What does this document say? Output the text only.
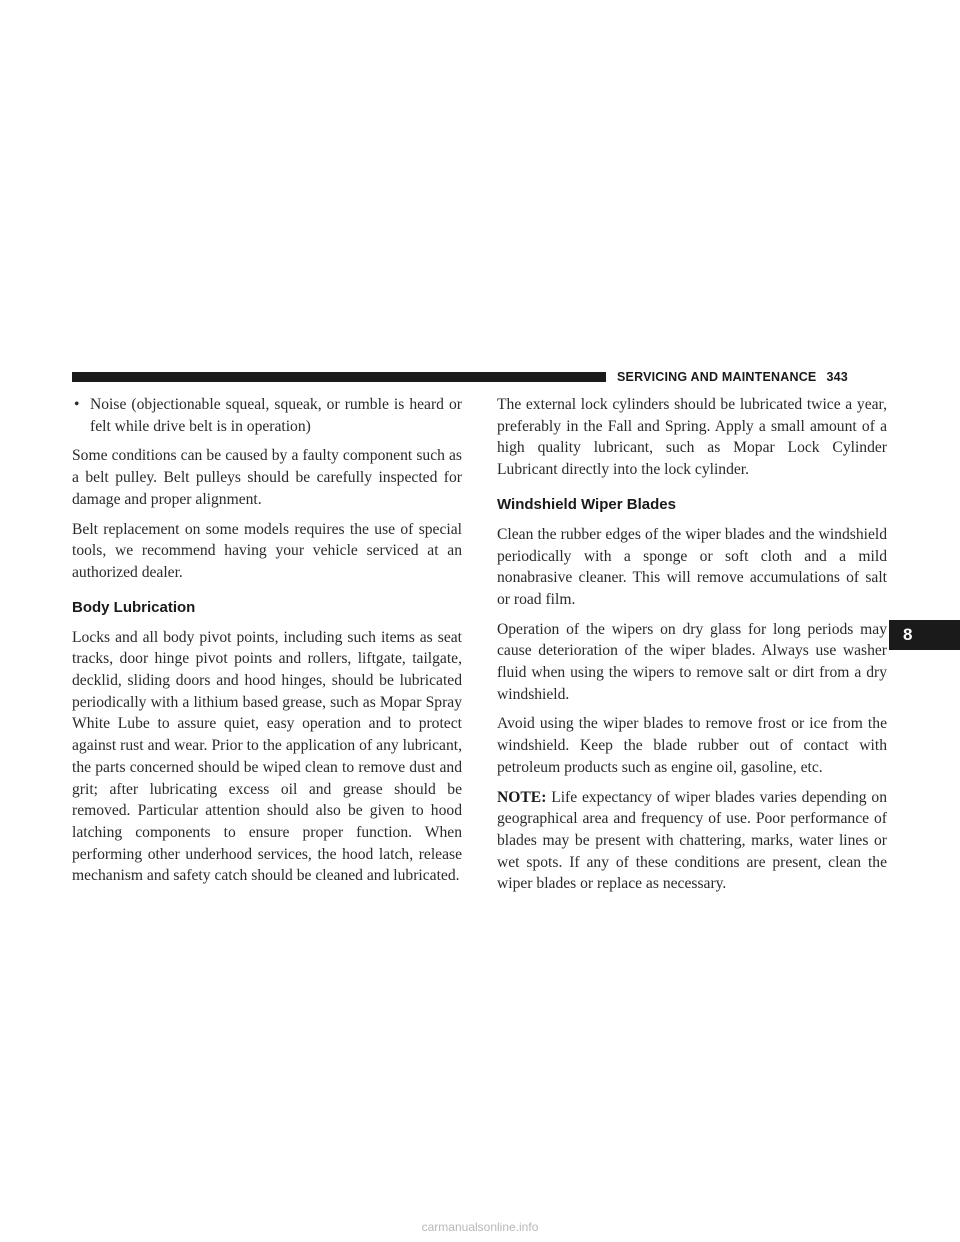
SERVICING AND MAINTENANCE 343
• Noise (objectionable squeal, squeak, or rumble is heard or felt while drive belt is in operation)

Some conditions can be caused by a faulty component such as a belt pulley. Belt pulleys should be carefully inspected for damage and proper alignment.

Belt replacement on some models requires the use of special tools, we recommend having your vehicle serviced at an authorized dealer.

Body Lubrication

Locks and all body pivot points, including such items as seat tracks, door hinge pivot points and rollers, liftgate, tailgate, decklid, sliding doors and hood hinges, should be lubricated periodically with a lithium based grease, such as Mopar Spray White Lube to assure quiet, easy operation and to protect against rust and wear. Prior to the application of any lubricant, the parts concerned should be wiped clean to remove dust and grit; after lubricating excess oil and grease should be removed. Particular attention should also be given to hood latching components to ensure proper function. When performing other underhood services, the hood latch, release mechanism and safety catch should be cleaned and lubricated.

The external lock cylinders should be lubricated twice a year, preferably in the Fall and Spring. Apply a small amount of a high quality lubricant, such as Mopar Lock Cylinder Lubricant directly into the lock cylinder.

Windshield Wiper Blades

Clean the rubber edges of the wiper blades and the windshield periodically with a sponge or soft cloth and a mild nonabrasive cleaner. This will remove accumulations of salt or road film.

Operation of the wipers on dry glass for long periods may cause deterioration of the wiper blades. Always use washer fluid when using the wipers to remove salt or dirt from a dry windshield.

Avoid using the wiper blades to remove frost or ice from the windshield. Keep the blade rubber out of contact with petroleum products such as engine oil, gasoline, etc.

NOTE: Life expectancy of wiper blades varies depending on geographical area and frequency of use. Poor performance of blades may be present with chattering, marks, water lines or wet spots. If any of these conditions are present, clean the wiper blades or replace as necessary.

8
carmanualsonline.info
